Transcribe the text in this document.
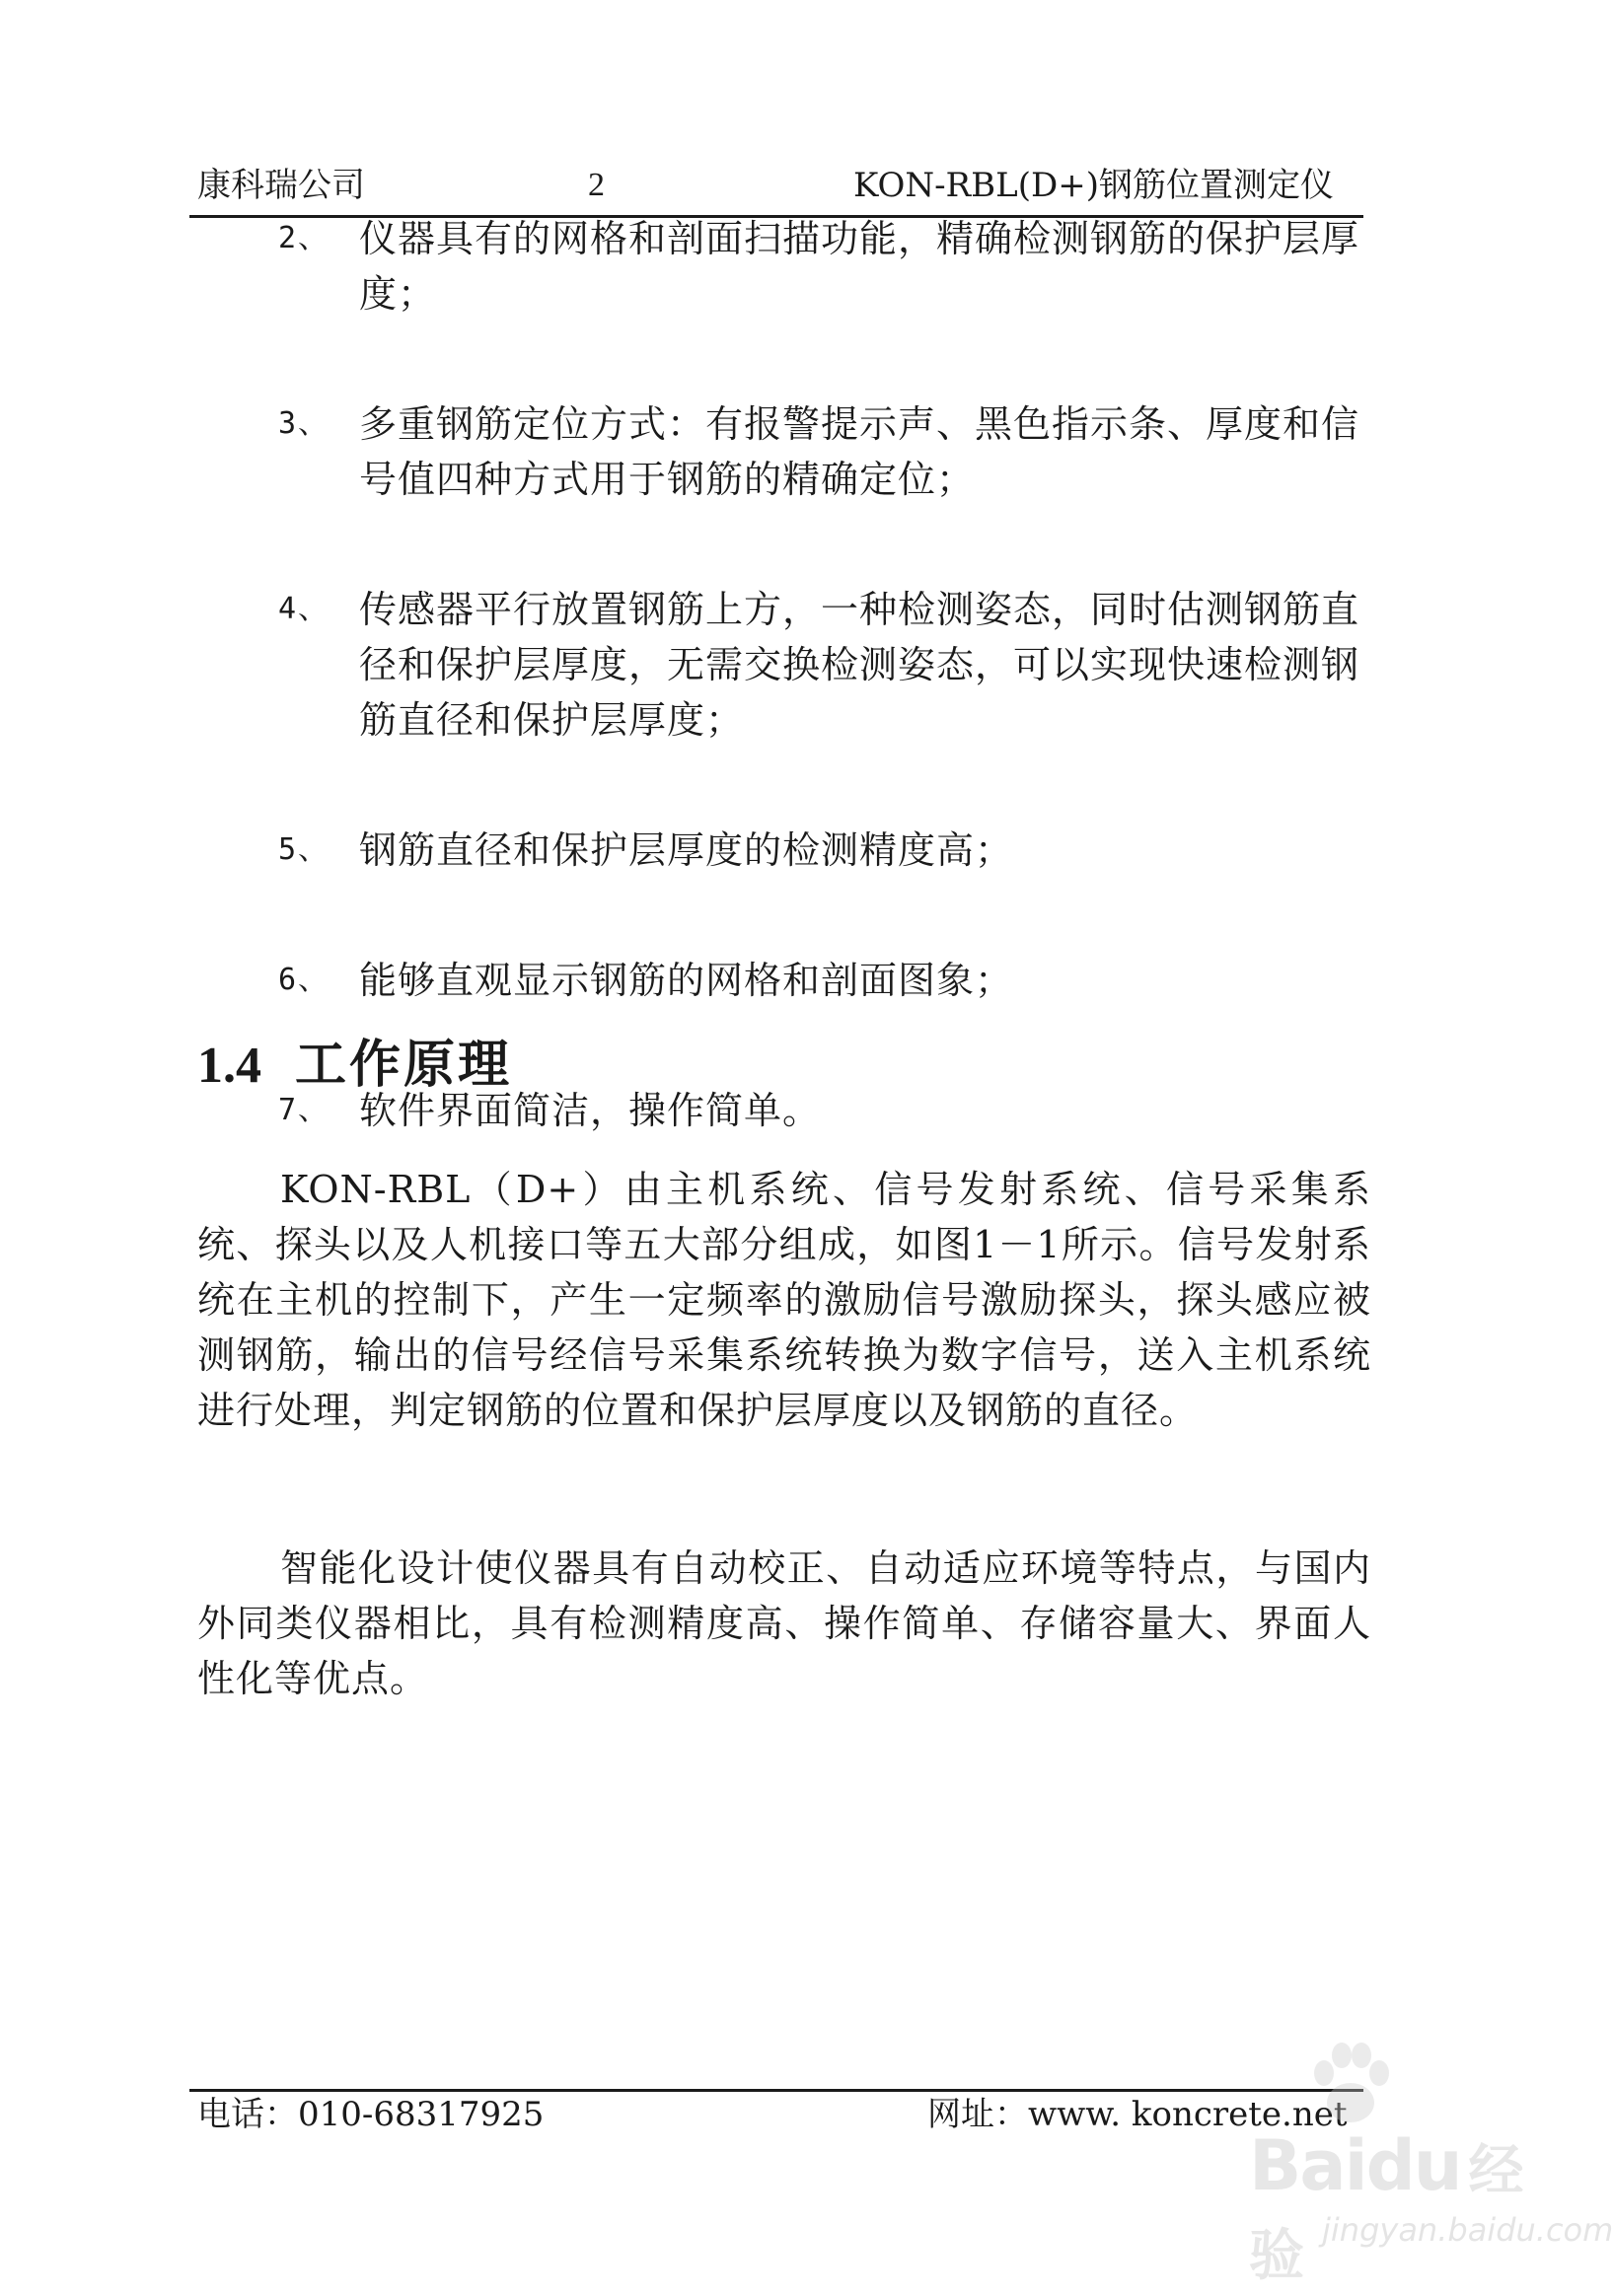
康科瑞公司	2	KON-RBL(D+)钢筋位置测定仪
2、 仪器具有的网格和剖面扫描功能，精确检测钢筋的保护层厚度；
3、 多重钢筋定位方式：有报警提示声、黑色指示条、厚度和信号值四种方式用于钢筋的精确定位；
4、 传感器平行放置钢筋上方，一种检测姿态，同时估测钢筋直径和保护层厚度，无需交换检测姿态，可以实现快速检测钢筋直径和保护层厚度；
5、 钢筋直径和保护层厚度的检测精度高；
6、 能够直观显示钢筋的网格和剖面图象；
7、 软件界面简洁，操作简单。
1.4 工作原理

KON-RBL（D+）由主机系统、信号发射系统、信号采集系统、探头以及人机接口等五大部分组成，如图1－1所示。信号发射系统在主机的控制下，产生一定频率的激励信号激励探头，探头感应被测钢筋，输出的信号经信号采集系统转换为数字信号，送入主机系统进行处理，判定钢筋的位置和保护层厚度以及钢筋的直径。

智能化设计使仪器具有自动校正、自动适应环境等特点，与国内外同类仪器相比，具有检测精度高、操作简单、存储容量大、界面人性化等优点。

电话：010-68317925	网址：www. koncrete.net
Baidu 经验 jingyan.baidu.com
